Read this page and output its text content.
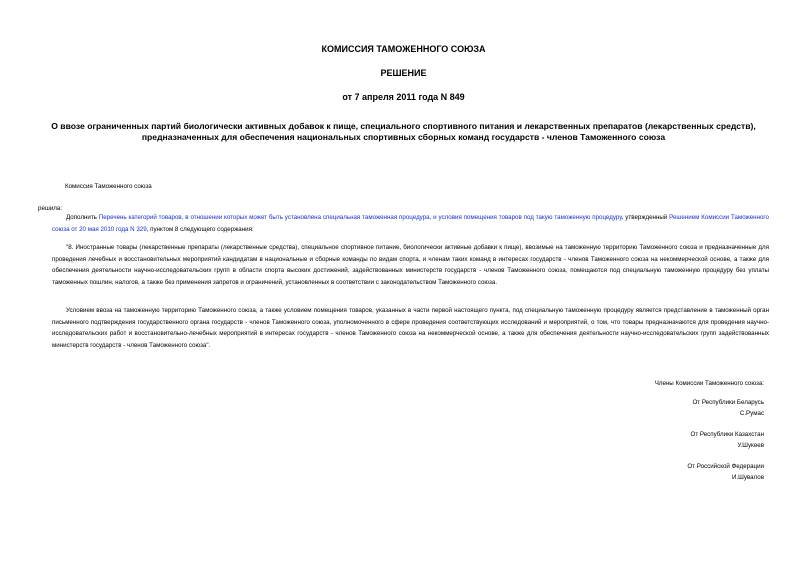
КОМИССИЯ ТАМОЖЕННОГО СОЮЗА
РЕШЕНИЕ
от 7 апреля 2011 года N 849
О ввозе ограниченных партий биологически активных добавок к пище, специального спортивного питания и лекарственных препаратов (лекарственных средств), предназначенных для обеспечения национальных спортивных сборных команд государств - членов Таможенного союза
Комиссия Таможенного союза
решила:
Дополнить Перечень категорий товаров, в отношении которых может быть установлена специальная таможенная процедура, и условия помещения товаров под такую таможенную процедуру, утвержденный Решением Комиссии Таможенного союза от 20 мая 2010 года N 329, пунктом 8 следующего содержания:
"8. Иностранные товары (лекарственные препараты (лекарственные средства), специальное спортивное питание, биологически активные добавки к пище), ввозимые на таможенную территорию Таможенного союза и предназначенные для проведения лечебных и восстановительных мероприятий кандидатам в национальные и сборные команды по видам спорта, и членам таких команд в интересах государств - членов Таможенного союза на некоммерческой основе, а также для обеспечения деятельности научно-исследовательских групп в области спорта высоких достижений, задействованных министерств государств - членов Таможенного союза, помещаются под специальную таможенную процедуру без уплаты таможенных пошлин, налогов, а также без применения запретов и ограничений, установленных в соответствии с законодательством Таможенного союза.
Условием ввоза на таможенную территорию Таможенного союза, а также условием помещения товаров, указанных в части первой настоящего пункта, под специальную таможенную процедуру является представление в таможенный орган письменного подтверждения государственного органа государств - членов Таможенного союза, уполномоченного в сфере проведения соответствующих исследований и мероприятий, о том, что товары предназначаются для проведения научно-исследовательских работ и восстановительно-лечебных мероприятий в интересах государств - членов Таможенного союза на некоммерческой основе, а также для обеспечения деятельности научно-исследовательских групп задействованных министерств государств - членов Таможенного союза".
Члены Комиссии Таможенного союза:
От Республики Беларусь
С.Румас
От Республики Казахстан
У.Шукеев
От Российской Федерации
И.Шувалов
